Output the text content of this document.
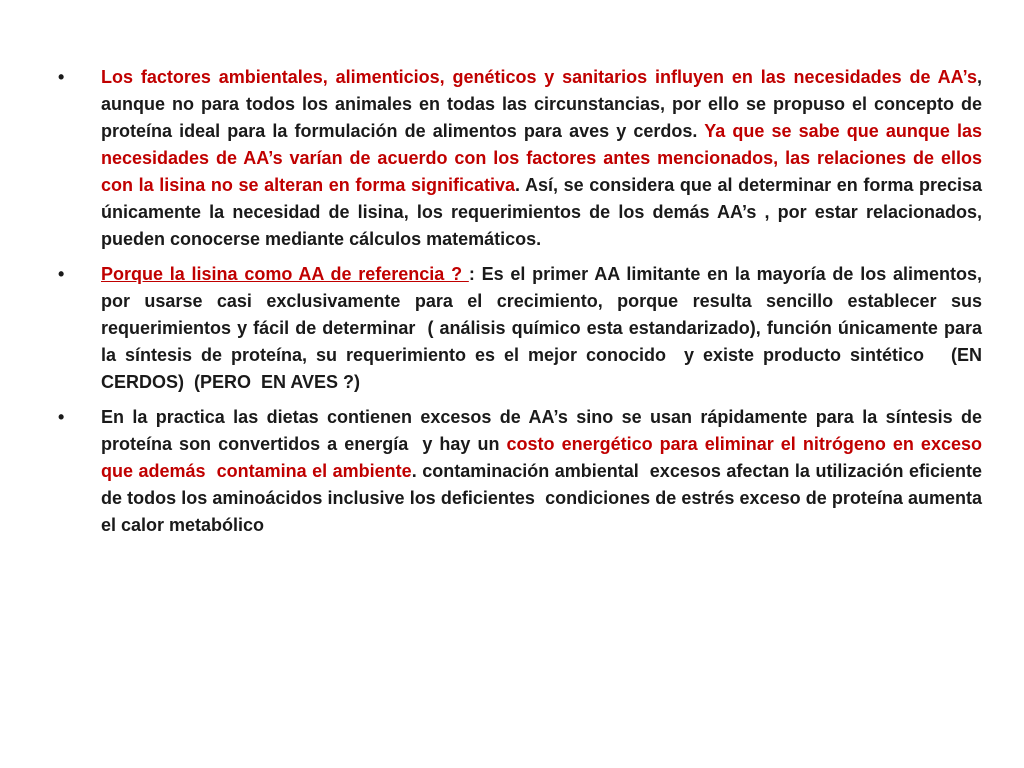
• Los factores ambientales, alimenticios, genéticos y sanitarios influyen en las necesidades de AA’s, aunque no para todos los animales en todas las circunstancias, por ello se propuso el concepto de proteína ideal para la formulación de alimentos para aves y cerdos. Ya que se sabe que aunque las necesidades de AA’s varían de acuerdo con los factores antes mencionados, las relaciones de ellos con la lisina no se alteran en forma significativa. Así, se considera que al determinar en forma precisa únicamente la necesidad de lisina, los requerimientos de los demás AA’s , por estar relacionados, pueden conocerse mediante cálculos matemáticos.
• Porque la lisina como AA de referencia ? : Es el primer AA limitante en la mayoría de los alimentos, por usarse casi exclusivamente para el crecimiento, porque resulta sencillo establecer sus requerimientos y fácil de determinar  ( análisis químico esta estandarizado), función únicamente para la síntesis de proteína, su requerimiento es el mejor conocido  y existe producto sintético   (EN CERDOS)  (PERO  EN AVES ?)
• En la practica las dietas contienen excesos de AA’s sino se usan rápidamente para la síntesis de proteína son convertidos a energía  y hay un costo energético para eliminar el nitrógeno en exceso que además  contamina el ambiente. contaminación ambiental  excesos afectan la utilización eficiente de todos los aminoácidos inclusive los deficientes  condiciones de estrés exceso de proteína aumenta el calor metabólico
